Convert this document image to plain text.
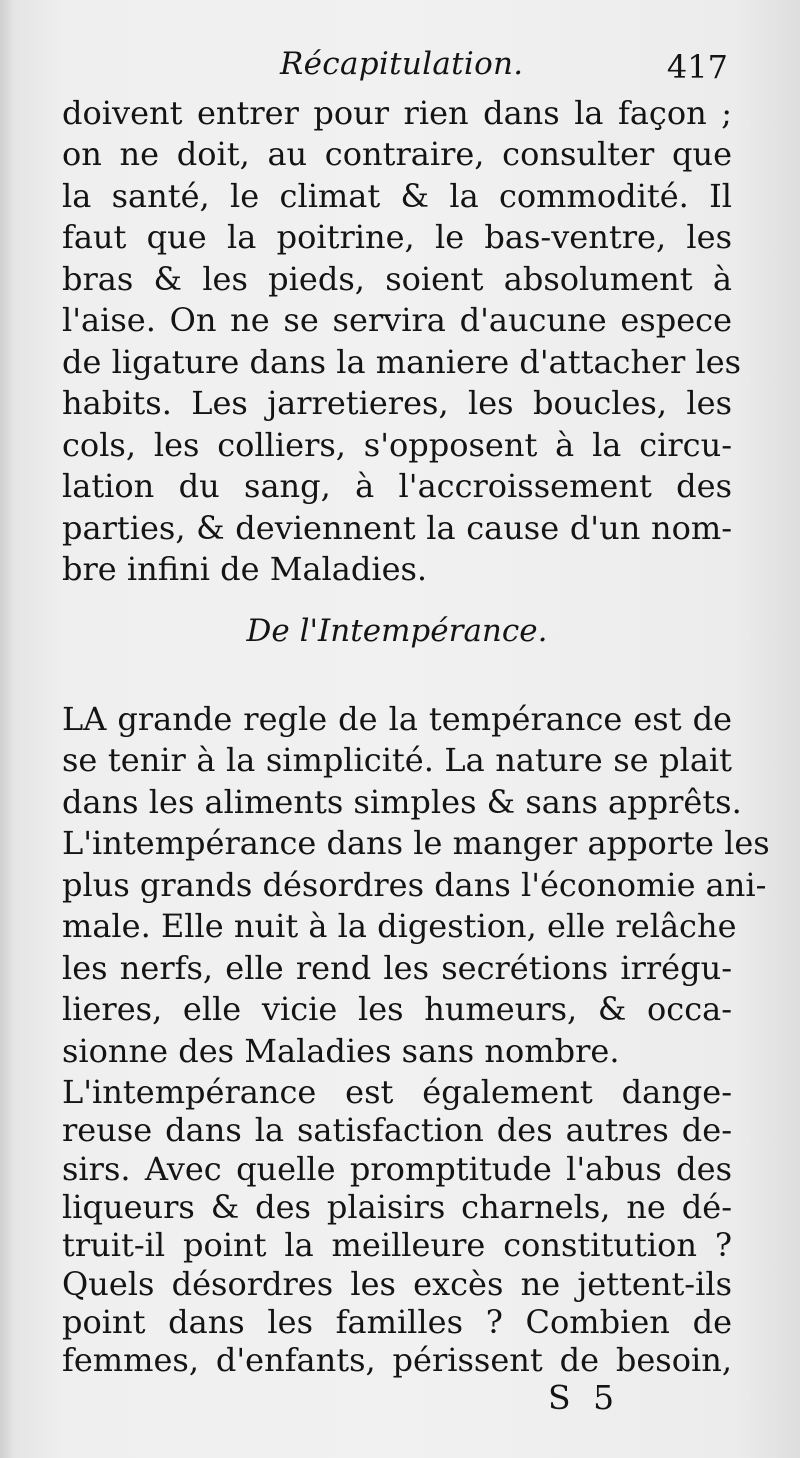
Récapitulation.	417
doivent entrer pour rien dans la façon ;
on ne doit, au contraire, consulter que
la santé, le climat & la commodité. Il
faut que la poitrine, le bas-ventre, les
bras & les pieds, soient absolument à
l'aise. On ne se servira d'aucune espece
de ligature dans la maniere d'attacher les
habits. Les jarretieres, les boucles, les
cols, les colliers, s'opposent à la circu-
lation du sang, à l'accroissement des
parties, & deviennent la cause d'un nom-
bre infini de Maladies.
De l'Intempérance.
LA grande regle de la tempérance est de
se tenir à la simplicité. La nature se plait
dans les aliments simples & sans apprêts.
L'intempérance dans le manger apporte les
plus grands désordres dans l'économie ani-
male. Elle nuit à la digestion, elle relâche
les nerfs, elle rend les secrétions irrégu-
lieres, elle vicie les humeurs, & occa-
sionne des Maladies sans nombre.
L'intempérance est également dange-
reuse dans la satisfaction des autres de-
sirs. Avec quelle promptitude l'abus des
liqueurs & des plaisirs charnels, ne dé-
truit-il point la meilleure constitution ?
Quels désordres les excès ne jettent-ils
point dans les familles ? Combien de
S 5
femmes, d'enfants, périssent de besoin,
